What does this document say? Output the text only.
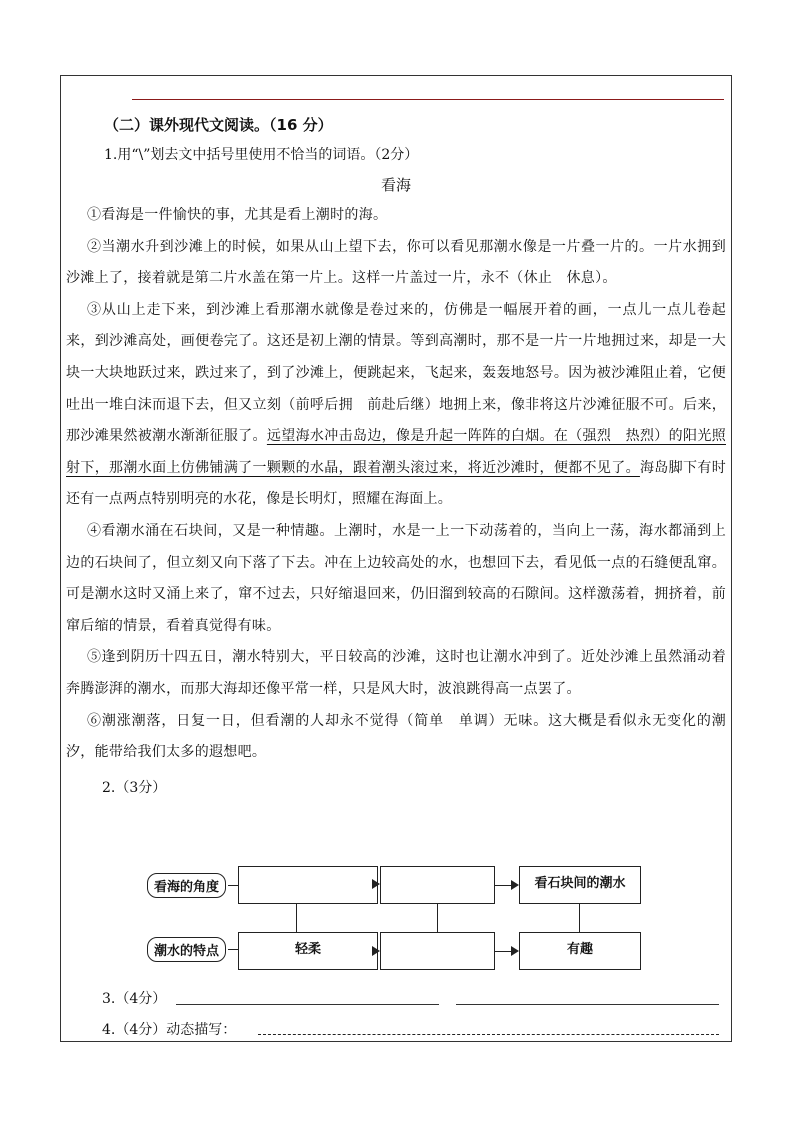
（二）课外现代文阅读。（16 分）
1.用“\”划去文中括号里使用不恰当的词语。（2分）
看海

①看海是一件愉快的事，尤其是看上潮时的海。

②当潮水升到沙滩上的时候，如果从山上望下去，你可以看见那潮水像是一片叠一片的。一片水拥到沙滩上了，接着就是第二片水盖在第一片上。这样一片盖过一片，永不（休止　休息）。

③从山上走下来，到沙滩上看那潮水就像是卷过来的，仿佛是一幅展开着的画，一点儿一点儿卷起来，到沙滩高处，画便卷完了。这还是初上潮的情景。等到高潮时，那不是一片一片地拥过来，却是一大块一大块地跃过来，跌过来了，到了沙滩上，便跳起来，飞起来，轰轰地怒号。因为被沙滩阻止着，它便吐出一堆白沫而退下去，但又立刻（前呼后拥　前赴后继）地拥上来，像非将这片沙滩征服不可。后来，那沙滩果然被潮水渐渐征服了。远望海水冲击岛边，像是升起一阵阵的白烟。在（强烈　热烈）的阳光照射下，那潮水面上仿佛铺满了一颗颗的水晶，跟着潮头滚过来，将近沙滩时，便都不见了。海岛脚下有时还有一点两点特别明亮的水花，像是长明灯，照耀在海面上。

④看潮水涌在石块间，又是一种情趣。上潮时，水是一上一下动荡着的，当向上一荡，海水都涌到上边的石块间了，但立刻又向下落了下去。冲在上边较高处的水，也想回下去，看见低一点的石缝便乱窜。可是潮水这时又涌上来了，窜不过去，只好缩退回来，仍旧溜到较高的石隙间。这样激荡着，拥挤着，前窜后缩的情景，看着真觉得有味。

⑤逢到阴历十四五日，潮水特别大，平日较高的沙滩，这时也让潮水冲到了。近处沙滩上虽然涌动着奔腾澎湃的潮水，而那大海却还像平常一样，只是风大时，波浪跳得高一点罢了。

⑥潮涨潮落，日复一日，但看潮的人却永不觉得（简单　单调）无味。这大概是看似永无变化的潮汐，能带给我们太多的遐想吧。

2.（3分）
看海的角度
潮水的特点
看石块间的潮水
轻柔	有趣
3.（4分）
4.（4分）动态描写：
